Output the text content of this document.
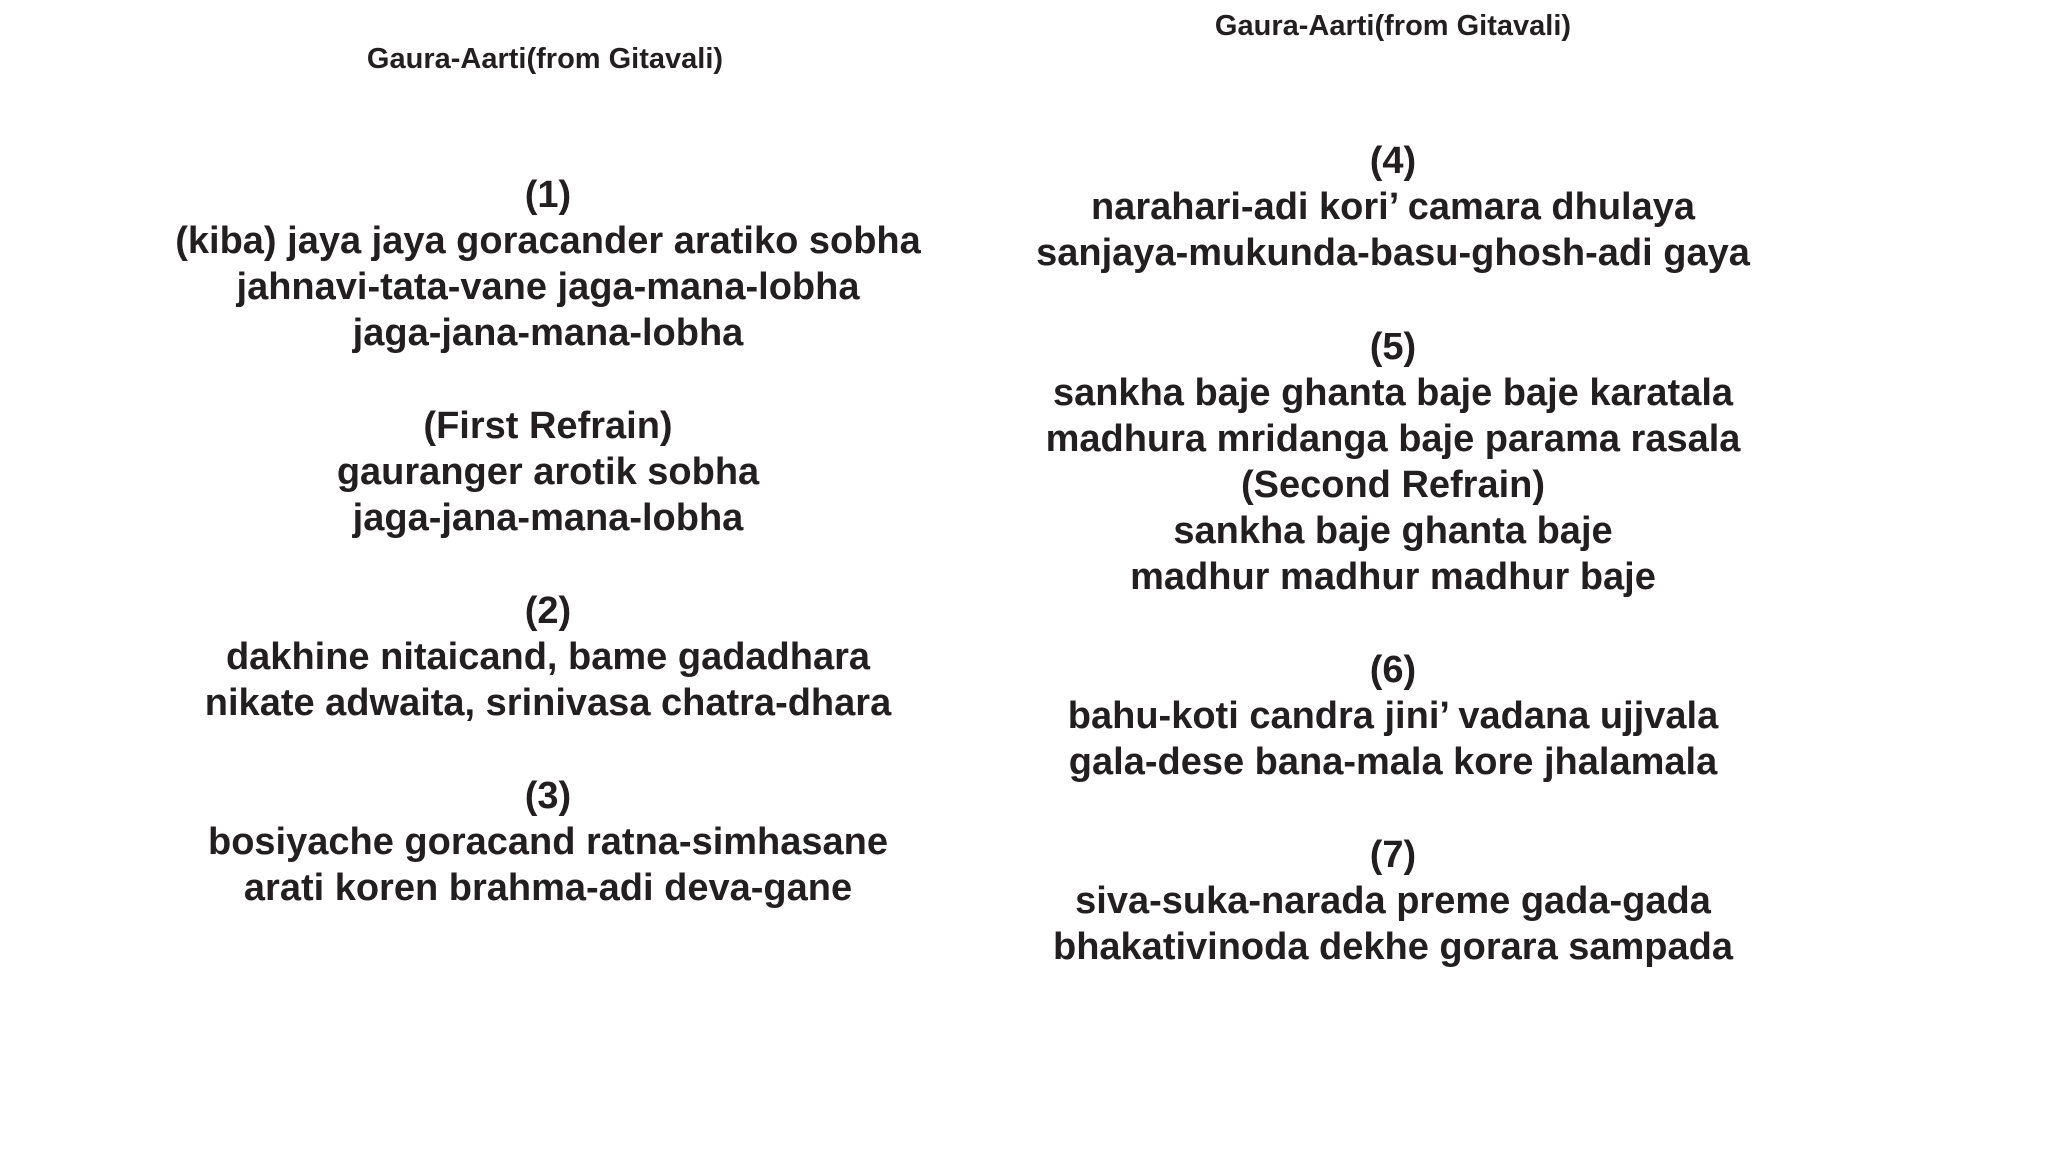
Gaura-Aarti(from Gitavali)
(1)
(kiba) jaya jaya goracander aratiko sobha
jahnavi-tata-vane jaga-mana-lobha
jaga-jana-mana-lobha
(First Refrain)
gauranger arotik sobha
jaga-jana-mana-lobha
(2)
dakhine nitaicand, bame gadadhara
nikate adwaita, srinivasa chatra-dhara
(3)
bosiyache goracand ratna-simhasane
arati koren brahma-adi deva-gane
Gaura-Aarti(from Gitavali)
(4)
narahari-adi kori’ camara dhulaya
sanjaya-mukunda-basu-ghosh-adi gaya
(5)
sankha baje ghanta baje baje karatala
madhura mridanga baje parama rasala
(Second Refrain)
sankha baje ghanta baje
madhur madhur madhur baje
(6)
bahu-koti candra jini’ vadana ujjvala
gala-dese bana-mala kore jhalamala
(7)
siva-suka-narada preme gada-gada
bhakativinoda dekhe gorara sampada
